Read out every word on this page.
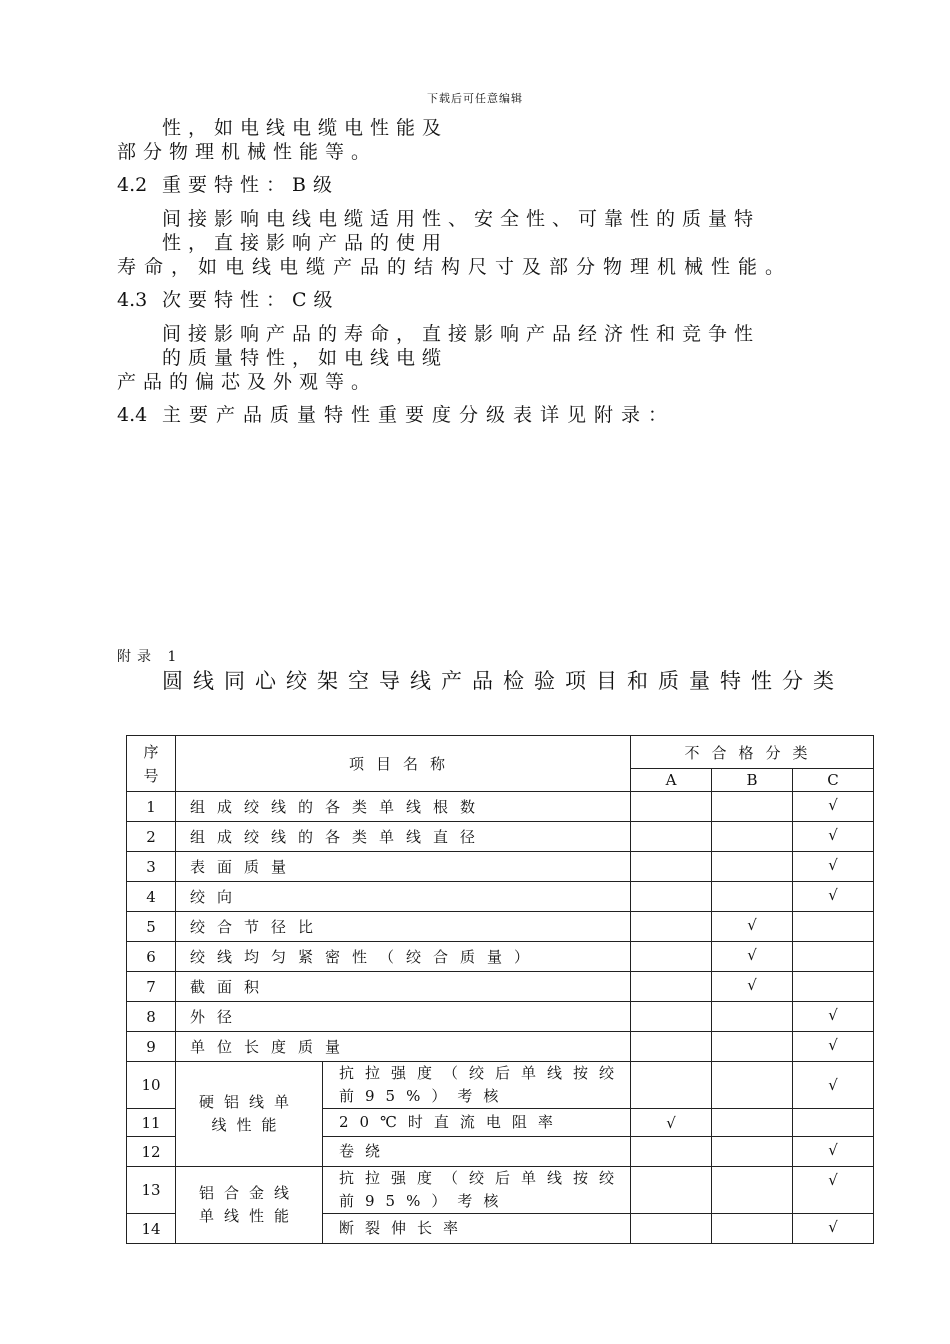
下载后可任意编辑
性，如电线电缆电性能及
部分物理机械性能等。
4.2 重要特性：B级
间接影响电线电缆适用性、安全性、可靠性的质量特
性，直接影响产品的使用
寿命，如电线电缆产品的结构尺寸及部分物理机械性能。
4.3 次要特性：C级
间接影响产品的寿命，直接影响产品经济性和竞争性
的质量特性，如电线电缆
产品的偏芯及外观等。
4.4 主要产品质量特性重要度分级表详见附录：
附录 1
圆线同心绞架空导线产品检验项目和质量特性分类
序号	项目名称		不合格分类		
			A	B	C
1	组成绞线的各类单线根数				√
2	组成绞线的各类单线直径				√
3	表面质量				√
4	绞向				√
5	绞合节径比			√	
6	绞线均匀紧密性（绞合质量）			√	
7	截面积			√	
8	外径				√
9	单位长度质量				√
10	硬铝线单线性能	抗拉强度（绞后单线按绞前95%）考核			√
11		20℃时直流电阻率	√		
12		卷绕			√
13	铝合金线单线性能	抗拉强度（绞后单线按绞前95%）考核			√
14		断裂伸长率			√
